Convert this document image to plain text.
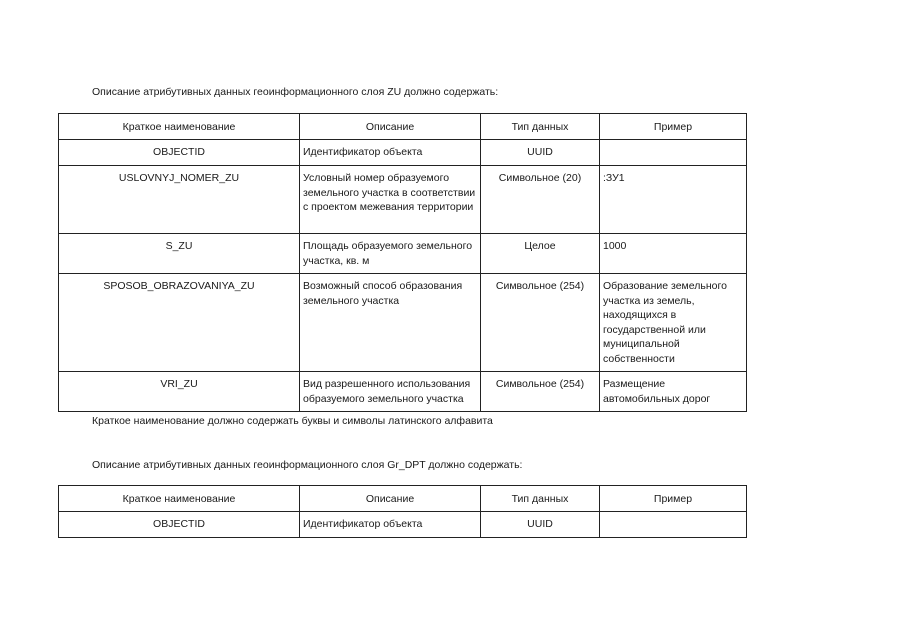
Описание атрибутивных данных геоинформационного слоя ZU должно содержать:
Краткое наименование	Описание	Тип данных	Пример
OBJECTID	Идентификатор объекта	UUID	
USLOVNYJ_NOMER_ZU	Условный номер образуемого земельного участка в соответствии с проектом межевания территории	Символьное (20)	:ЗУ1
S_ZU	Площадь образуемого земельного участка, кв. м	Целое	1000
SPOSOB_OBRAZOVANIYA_ZU	Возможный способ образования земельного участка	Символьное (254)	Образование земельного участка из земель, находящихся в государственной или муниципальной собственности
VRI_ZU	Вид разрешенного использования образуемого земельного участка	Символьное (254)	Размещение автомобильных дорог
Краткое наименование должно содержать буквы и символы латинского алфавита
Описание атрибутивных данных геоинформационного слоя Gr_DPT должно содержать:
Краткое наименование	Описание	Тип данных	Пример
OBJECTID	Идентификатор объекта	UUID	
